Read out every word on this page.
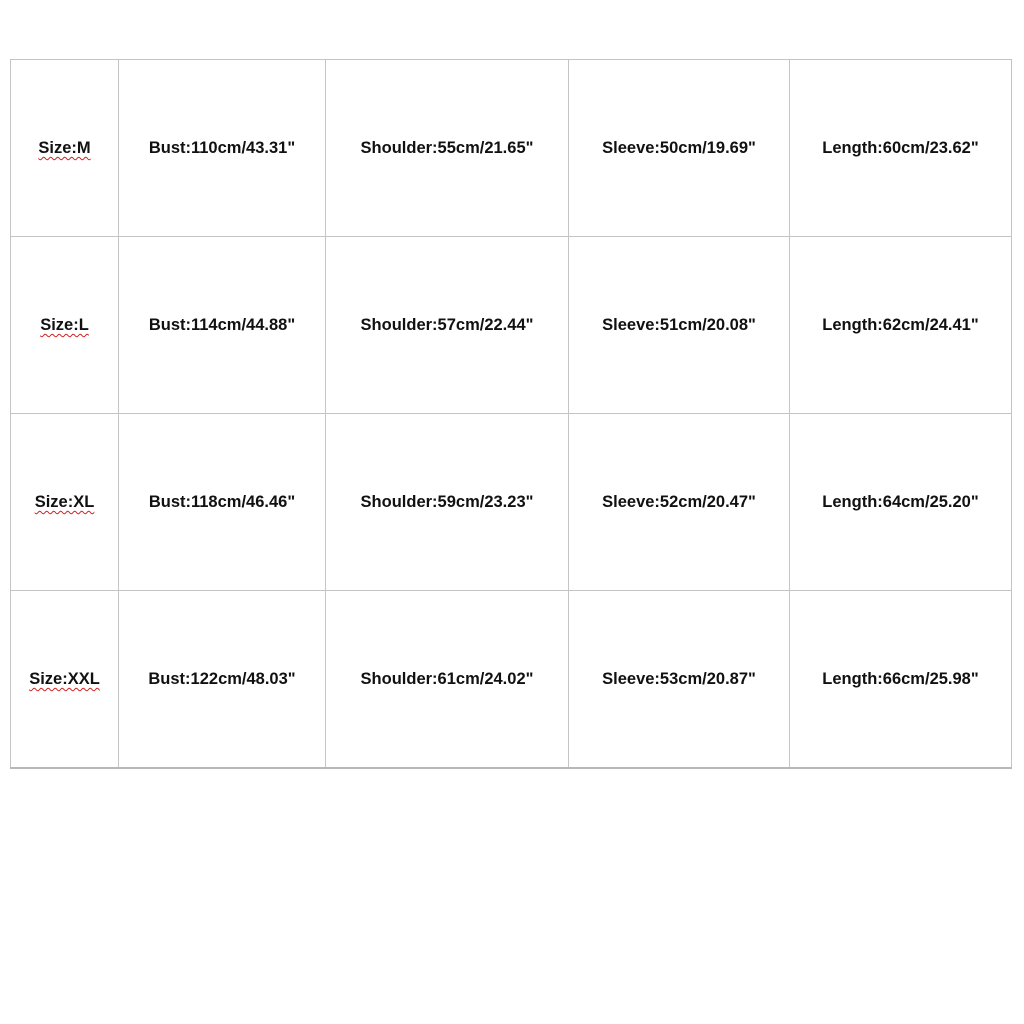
Size:M	Bust:110cm/43.31"	Shoulder:55cm/21.65"	Sleeve:50cm/19.69"	Length:60cm/23.62"
Size:L	Bust:114cm/44.88"	Shoulder:57cm/22.44"	Sleeve:51cm/20.08"	Length:62cm/24.41"
Size:XL	Bust:118cm/46.46"	Shoulder:59cm/23.23"	Sleeve:52cm/20.47"	Length:64cm/25.20"
Size:XXL	Bust:122cm/48.03"	Shoulder:61cm/24.02"	Sleeve:53cm/20.87"	Length:66cm/25.98"
